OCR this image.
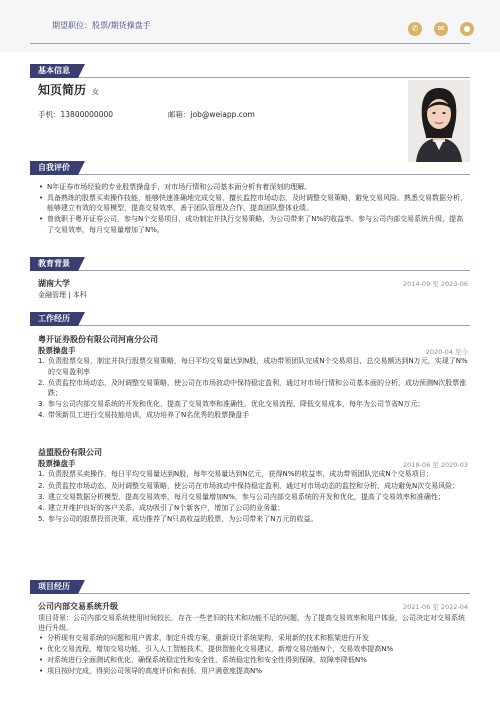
期望职位：股票/期货操盘手	✆	✉	●
基本信息
知页简历 女
手机：13800000000	邮箱：job@weiapp.com
自我评价
• N年证券市场经验的专业股票操盘手，对市场行情和公司基本面分析有着深刻的理解。
• 具备熟练的股票买卖操作技能，能够快速准确地完成交易，擅长监控市场动态，及时调整交易策略，避免交易风险。熟悉交易数据分析，能够建立有效的交易模型，提高交易效率，善于团队管理及合作，提高团队整体业绩。
• 曾就职于粤开证券公司，参与N个交易项目，成功制定并执行交易策略，为公司带来了N%的收益率。参与公司内部交易系统升级，提高了交易效率，每月交易量增加了N%。
教育背景
湖南大学	2014-09 至 2023-06
金融管理 | 本科
工作经历
粤开证券股份有限公司河南分公司
股票操盘手	2020-04 至今
1. 负责股票交易，制定并执行股票交易策略，每日平均交易量达到N股，成功带领团队完成N个交易项目，总交易额达到N万元，实现了N%的交易盈利率
2. 负责监控市场动态，及时调整交易策略，使公司在市场波动中保持稳定盈利，通过对市场行情和公司基本面的分析，成功预测N次股票涨跌；
3. 参与公司内部交易系统的开发和优化，提高了交易效率和准确性，优化交易流程，降低交易成本，每年为公司节省N万元；
4. 带领新员工进行交易技能培训，成功培养了N名优秀的股票操盘手
益盟股份有限公司
股票操盘手	2018-06 至 2020-03
1. 负责股票买卖操作，每日平均交易量达到N股，每年交易量达到N亿元，获得N%的收益率，成功带领团队完成N个交易项目；
2. 负责监控市场动态，及时调整交易策略，使公司在市场波动中保持稳定盈利，通过对市场动态的监控和分析，成功避免N次交易风险；
3. 建立交易数据分析模型，提高交易效率，每月交易量增加N%，参与公司内部交易系统的开发和优化，提高了交易效率和准确性；
4. 建立并维护良好的客户关系，成功吸引了N个新客户，增加了公司的业务量；
5. 参与公司的股票投资决策，成功推荐了N只高收益的股票，为公司带来了N万元的收益。
项目经历
公司内部交易系统升级	2021-06 至 2022-04
项目背景：公司内部交易系统使用时间较长，存在一些老旧的技术和功能不足的问题，为了提高交易效率和用户体验，公司决定对交易系统进行升级。
• 分析现有交易系统的问题和用户需求，制定升级方案，重新设计系统架构，采用新的技术和框架进行开发
• 优化交易流程，增加交易功能，引入人工智能技术，提供智能化交易建议，新增交易功能N个，交易效率提高N%
• 对系统进行全面测试和优化，确保系统稳定性和安全性，系统稳定性和安全性得到保障，故障率降低N%
• 项目按时完成，得到公司领导的高度评价和表扬，用户满意度提高N%
